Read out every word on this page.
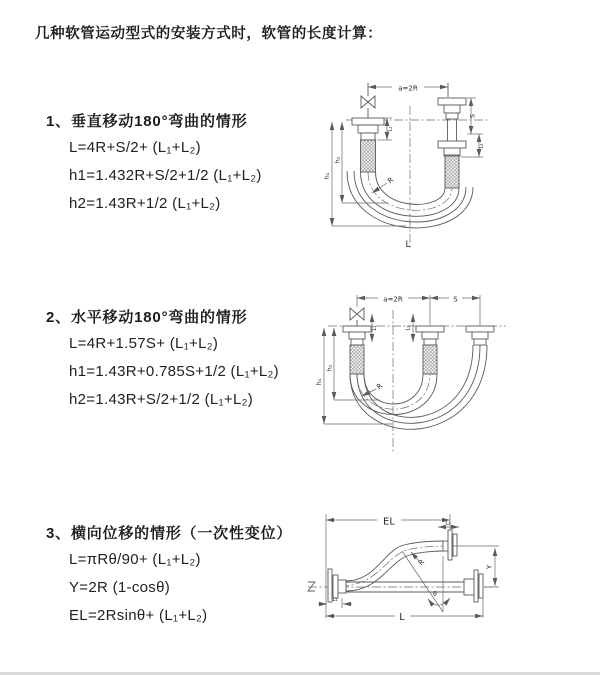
几种软管运动型式的安装方式时，软管的长度计算：
1、垂直移动180°弯曲的情形
L=4R+S/2+ (L₁+L₂)
h1=1.432R+S/2+1/2 (L₁+L₂)
h2=1.43R+1/2 (L₁+L₂)
2、水平移动180°弯曲的情形
L=4R+1.57S+ (L₁+L₂)
h1=1.43R+0.785S+1/2 (L₁+L₂)
h2=1.43R+S/2+1/2 (L₁+L₂)
3、横向位移的情形（一次性变位）
L=πRθ/90+ (L₁+L₂)
Y=2R (1-cosθ)
EL=2Rsinθ+ (L₁+L₂)
a=2R
h₁
h₂
L₁
S
L₂
R
L
a=2R	S
h₁
h₂
L₁	L₂
R
θ
R
EL	L₂
Y
L
L₁
